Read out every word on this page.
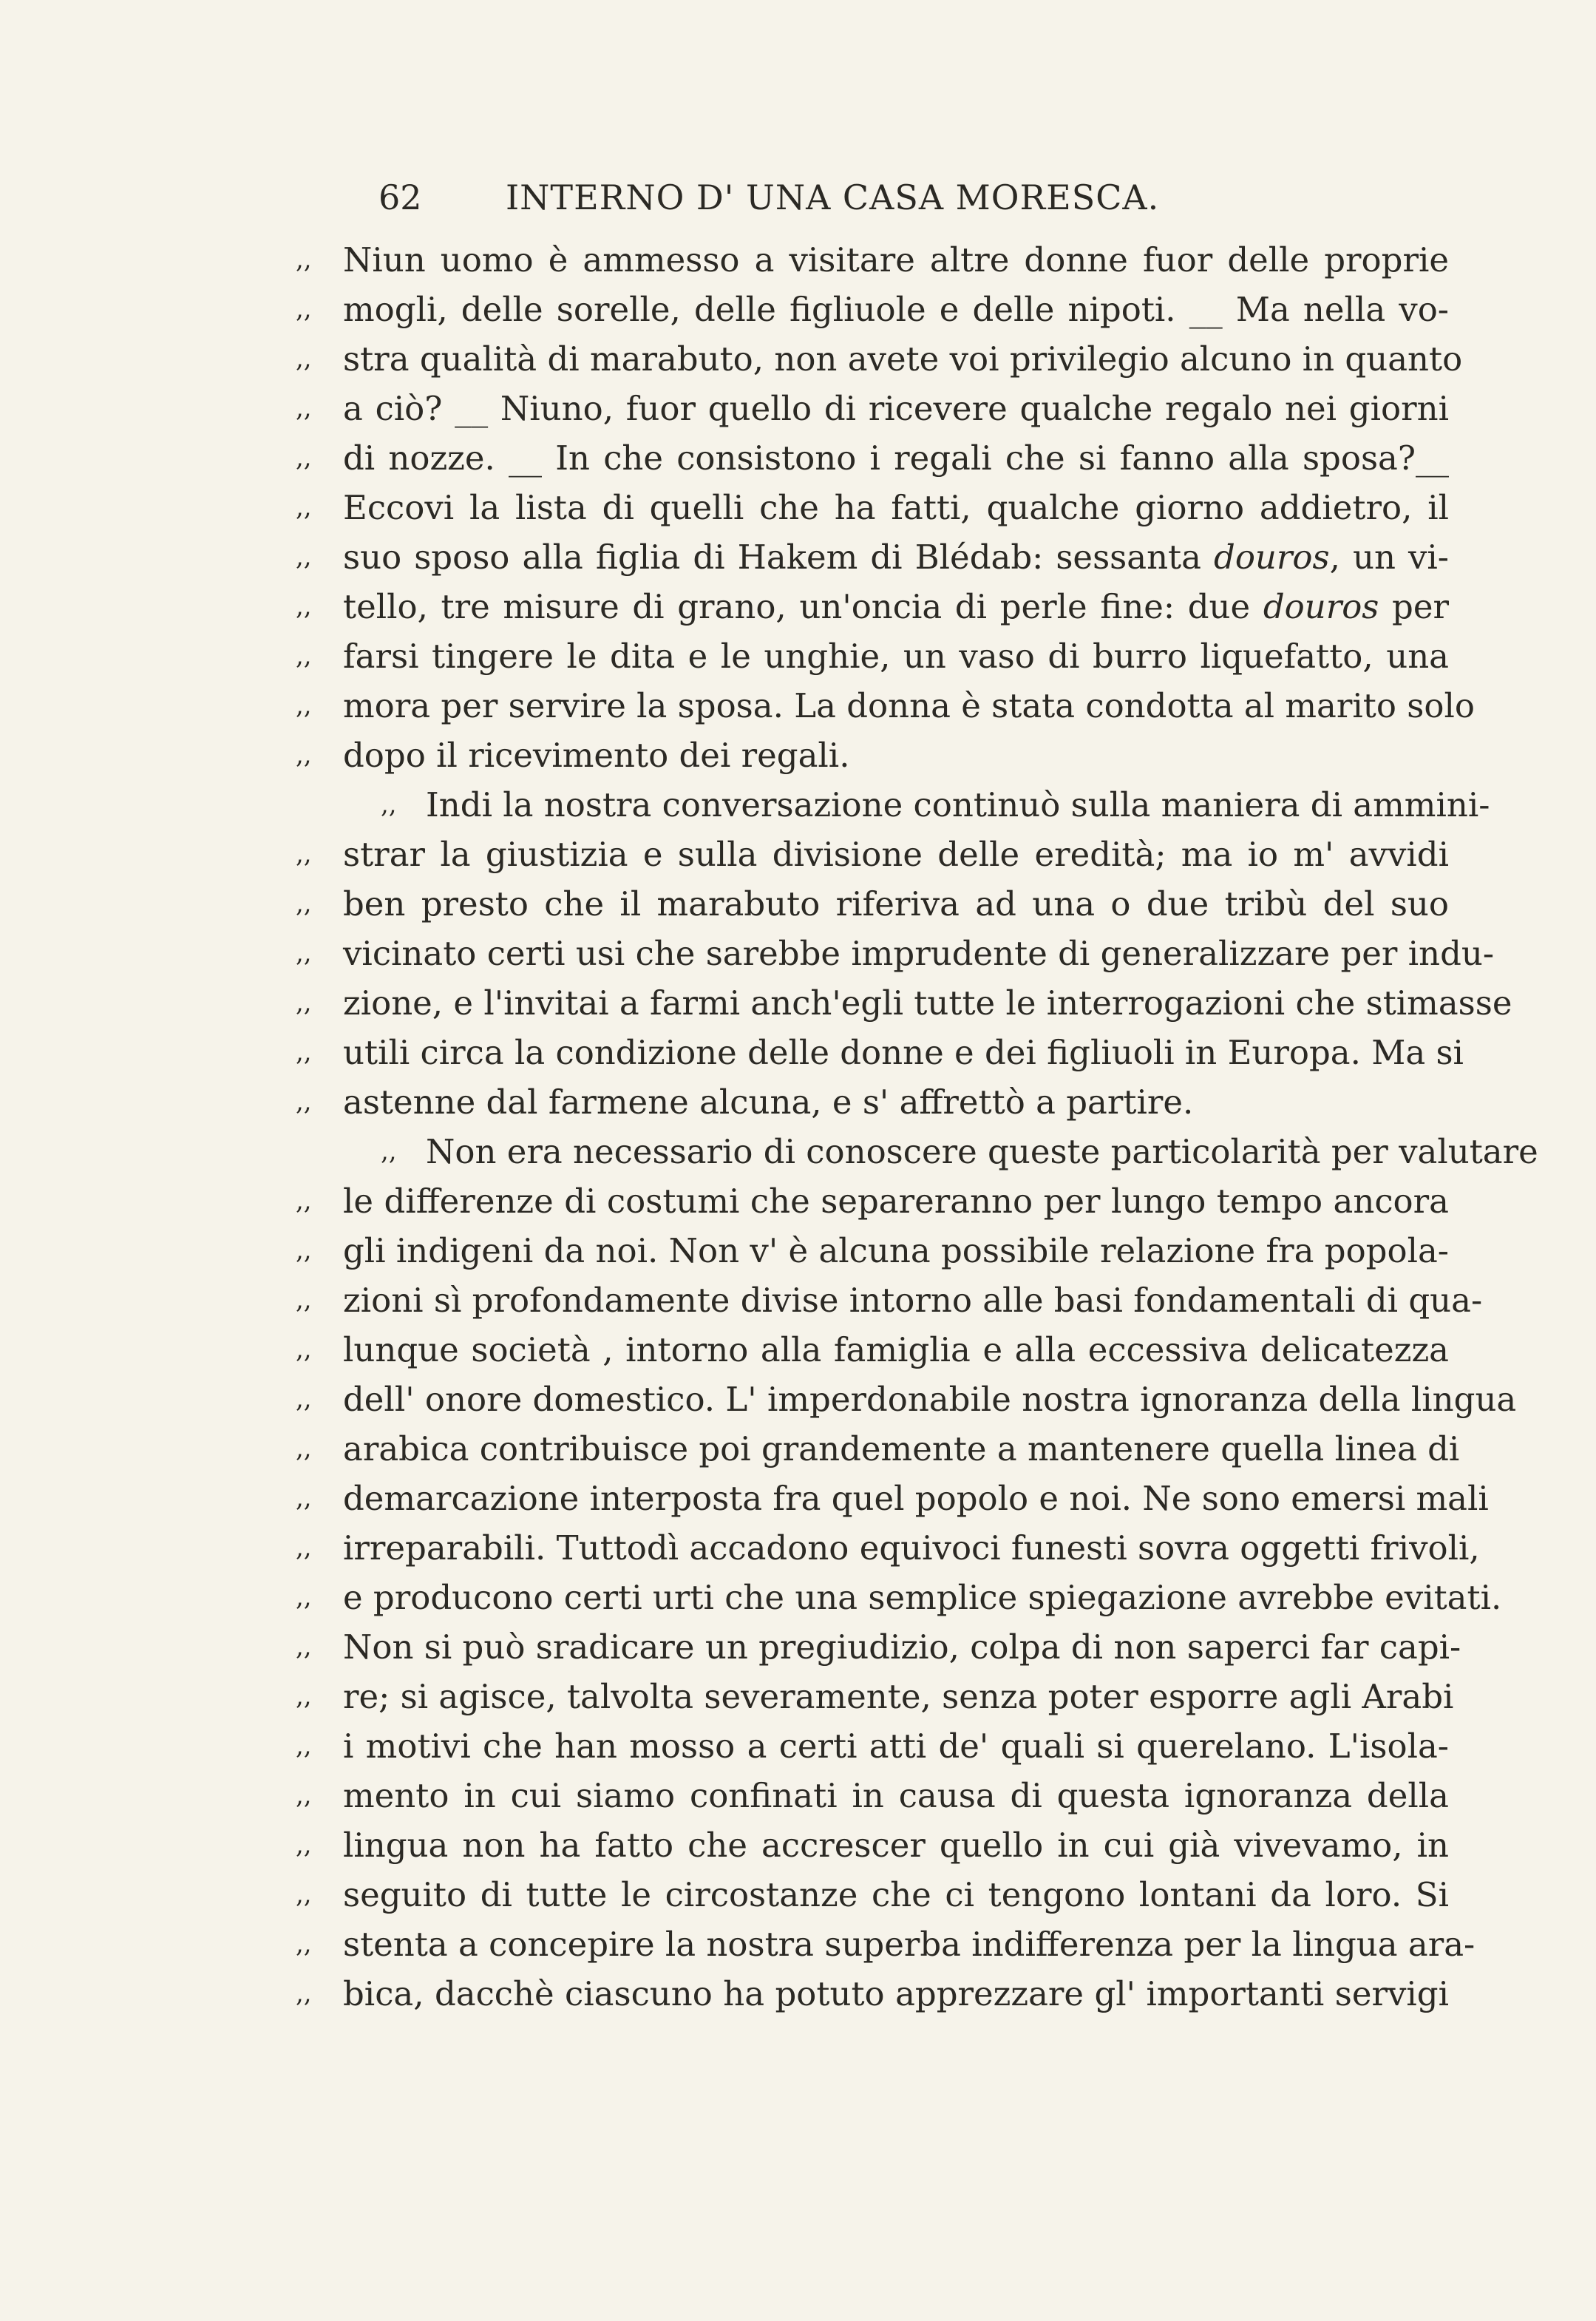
62 INTERNO D' UNA CASA MORESCA.
,, Niun uomo è ammesso a visitare altre donne fuor delle proprie
,, mogli, delle sorelle, delle figliuole e delle nipoti. __ Ma nella vo-
,, stra qualità di marabuto, non avete voi privilegio alcuno in quanto
,, a ciò? __ Niuno, fuor quello di ricevere qualche regalo nei giorni
,, di nozze. __ In che consistono i regali che si fanno alla sposa?__
,, Eccovi la lista di quelli che ha fatti, qualche giorno addietro, il
,, suo sposo alla figlia di Hakem di Blédab: sessanta douros, un vi-
,, tello, tre misure di grano, un'oncia di perle fine: due douros per
,, farsi tingere le dita e le unghie, un vaso di burro liquefatto, una
,, mora per servire la sposa. La donna è stata condotta al marito solo
,, dopo il ricevimento dei regali.
,, Indi la nostra conversazione continuò sulla maniera di ammini-
,, strar la giustizia e sulla divisione delle eredità; ma io m' avvidi
,, ben presto che il marabuto riferiva ad una o due tribù del suo
,, vicinato certi usi che sarebbe imprudente di generalizzare per indu-
,, zione, e l'invitai a farmi anch'egli tutte le interrogazioni che stimasse
,, utili circa la condizione delle donne e dei figliuoli in Europa. Ma si
,, astenne dal farmene alcuna, e s' affrettò a partire.
,, Non era necessario di conoscere queste particolarità per valutare
,, le differenze di costumi che separeranno per lungo tempo ancora
,, gli indigeni da noi. Non v' è alcuna possibile relazione fra popola-
,, zioni sì profondamente divise intorno alle basi fondamentali di qua-
,, lunque società , intorno alla famiglia e alla eccessiva delicatezza
,, dell' onore domestico. L' imperdonabile nostra ignoranza della lingua
,, arabica contribuisce poi grandemente a mantenere quella linea di
,, demarcazione interposta fra quel popolo e noi. Ne sono emersi mali
,, irreparabili. Tuttodì accadono equivoci funesti sovra oggetti frivoli,
,, e producono certi urti che una semplice spiegazione avrebbe evitati.
,, Non si può sradicare un pregiudizio, colpa di non saperci far capi-
,, re; si agisce, talvolta severamente, senza poter esporre agli Arabi
,, i motivi che han mosso a certi atti de' quali si querelano. L'isola-
,, mento in cui siamo confinati in causa di questa ignoranza della
,, lingua non ha fatto che accrescer quello in cui già vivevamo, in
,, seguito di tutte le circostanze che ci tengono lontani da loro. Si
,, stenta a concepire la nostra superba indifferenza per la lingua ara-
,, bica, dacchè ciascuno ha potuto apprezzare gl' importanti servigi
